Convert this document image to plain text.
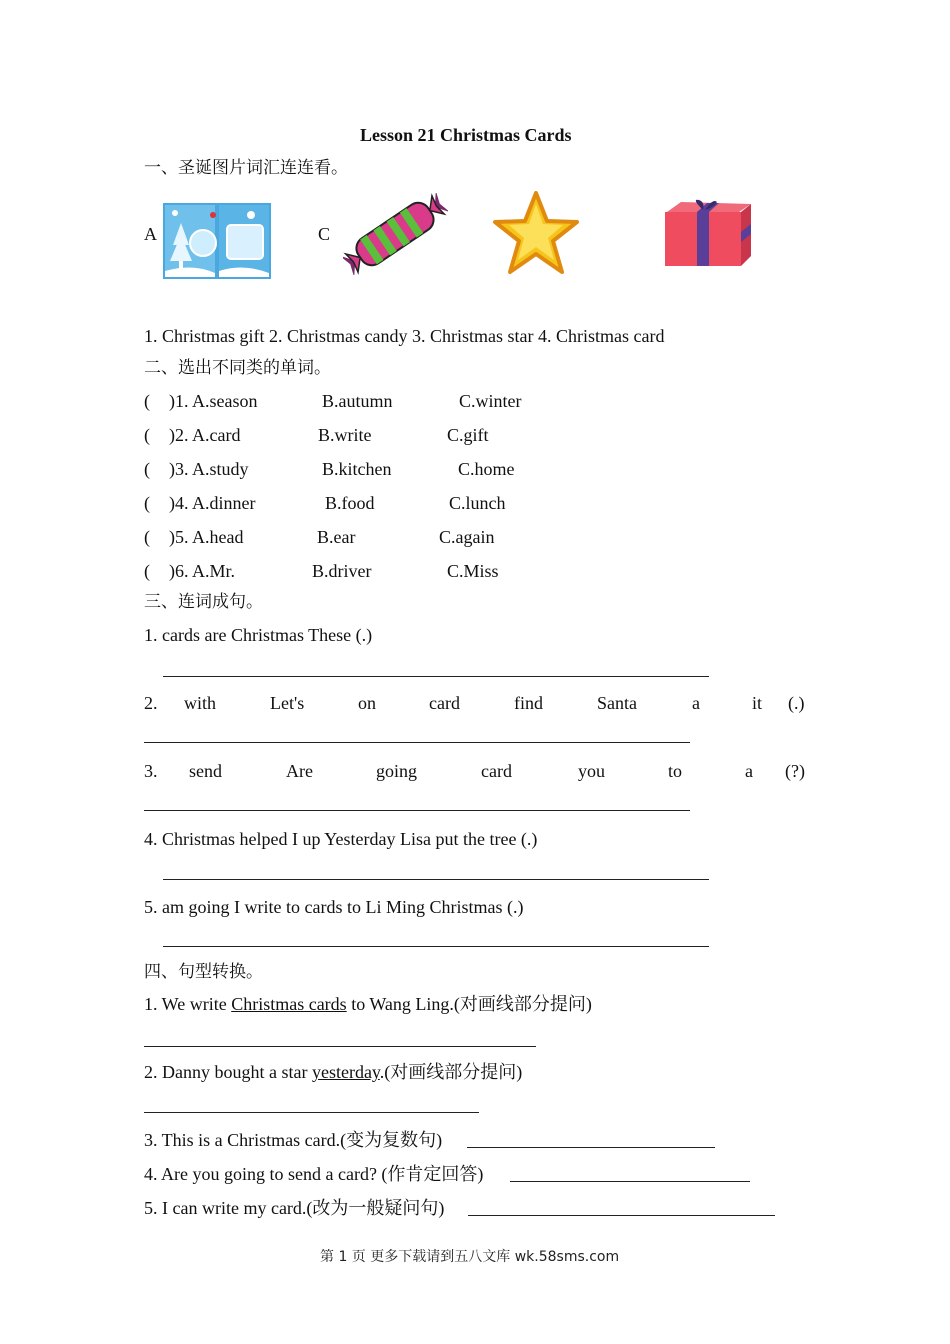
Lesson 21 Christmas Cards
一、圣诞图片词汇连连看。
A	C
1. Christmas gift 2. Christmas candy 3. Christmas star 4. Christmas card
二、选出不同类的单词。
( )1. A.season	B.autumn	C.winter
( )2. A.card	B.write	C.gift
( )3. A.study	B.kitchen	C.home
( )4. A.dinner	B.food	C.lunch
( )5. A.head	B.ear	C.again
( )6. A.Mr.	B.driver	C.Miss
三、连词成句。
1. cards are Christmas These (.)
2. with	Let's	on	card	find	Santa	a	it (.)
3. send	Are	going	card	you	to	a (?)
4. Christmas helped I up Yesterday Lisa put the tree (.)
5. am going I write to cards to Li Ming Christmas (.)
四、句型转换。
1. We write Christmas cards to Wang Ling.(对画线部分提问)
2. Danny bought a star yesterday.(对画线部分提问)
3. This is a Christmas card.(变为复数句)
4. Are you going to send a card? (作肯定回答)
5. I can write my card.(改为一般疑问句)
第 1 页 更多下载请到五八文库 wk.58sms.com
